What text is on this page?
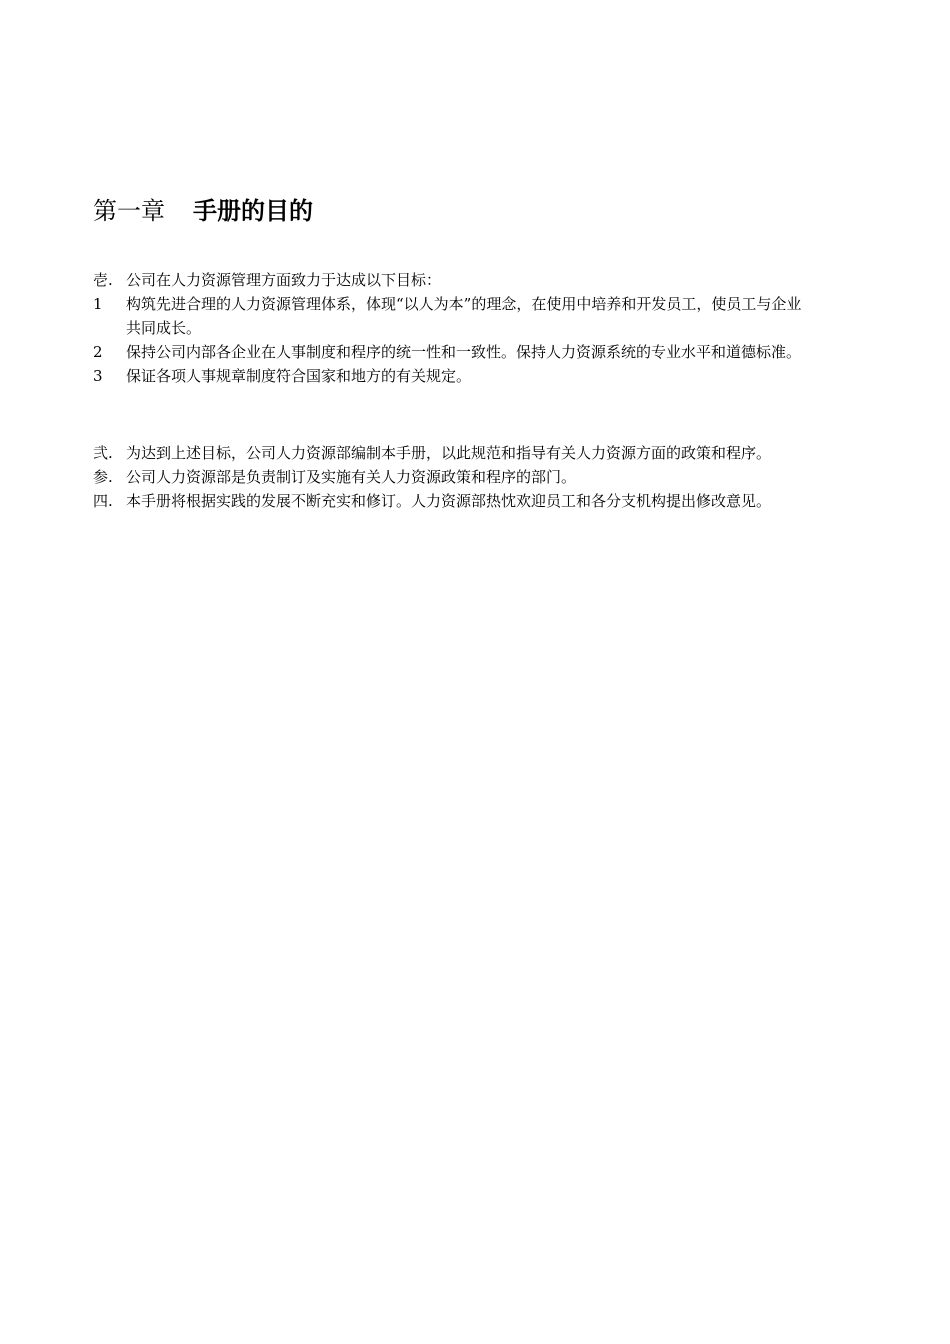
第一章 手册的目的

壱. 公司在人力资源管理方面致力于达成以下目标：

1	构筑先进合理的人力资源管理体系，体现“以人为本”的理念，在使用中培养和开发员工，使员工与企业共同成长。

2	保持公司内部各企业在人事制度和程序的统一性和一致性。保持人力资源系统的专业水平和道德标准。

3	保证各项人事规章制度符合国家和地方的有关规定。

弐. 为达到上述目标，公司人力资源部编制本手册，以此规范和指导有关人力资源方面的政策和程序。

参. 公司人力资源部是负责制订及实施有关人力资源政策和程序的部门。

四. 本手册将根据实践的发展不断充实和修订。人力资源部热忱欢迎员工和各分支机构提出修改意见。
